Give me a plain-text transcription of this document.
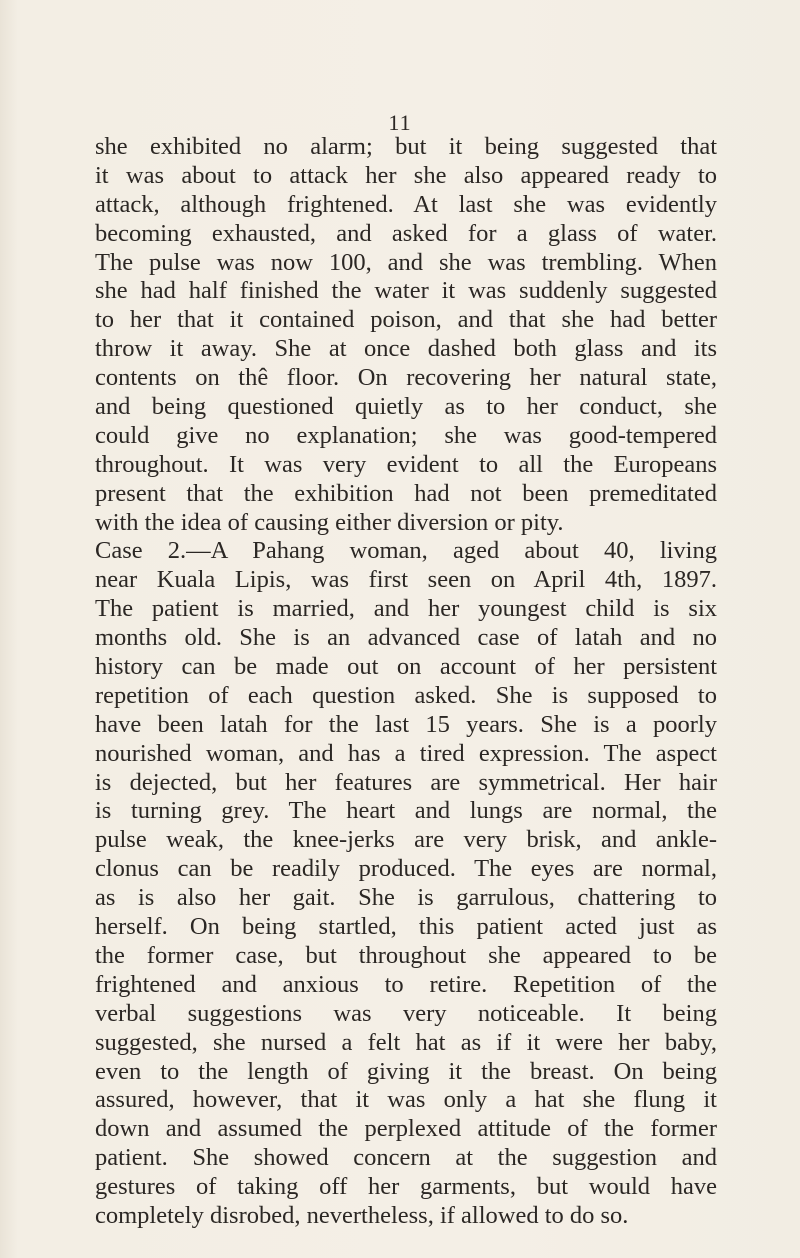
11
she exhibited no alarm; but it being suggested that
it was about to attack her she also appeared ready to
attack, although frightened. At last she was evidently
becoming exhausted, and asked for a glass of water.
The pulse was now 100, and she was trembling. When
she had half finished the water it was suddenly suggested
to her that it contained poison, and that she had better
throw it away. She at once dashed both glass and its
contents on thê floor. On recovering her natural state,
and being questioned quietly as to her conduct, she
could give no explanation; she was good-tempered
throughout. It was very evident to all the Europeans
present that the exhibition had not been premeditated
with the idea of causing either diversion or pity.
Case 2.—A Pahang woman, aged about 40, living
near Kuala Lipis, was first seen on April 4th, 1897.
The patient is married, and her youngest child is six
months old. She is an advanced case of latah and no
history can be made out on account of her persistent
repetition of each question asked. She is supposed to
have been latah for the last 15 years. She is a poorly
nourished woman, and has a tired expression. The aspect
is dejected, but her features are symmetrical. Her hair
is turning grey. The heart and lungs are normal, the
pulse weak, the knee-jerks are very brisk, and ankle-
clonus can be readily produced. The eyes are normal,
as is also her gait. She is garrulous, chattering to
herself. On being startled, this patient acted just as
the former case, but throughout she appeared to be
frightened and anxious to retire. Repetition of the
verbal suggestions was very noticeable. It being
suggested, she nursed a felt hat as if it were her baby,
even to the length of giving it the breast. On being
assured, however, that it was only a hat she flung it
down and assumed the perplexed attitude of the former
patient. She showed concern at the suggestion and
gestures of taking off her garments, but would have
completely disrobed, nevertheless, if allowed to do so.
